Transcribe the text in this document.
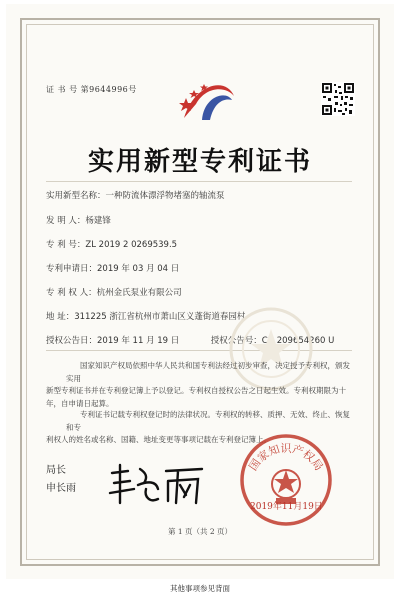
证 书 号 第9644996号
实用新型专利证书
实用新型名称：一种防流体漂浮物堵塞的轴流泵
发 明 人：杨建锋
专 利 号：ZL 2019 2 0269539.5
专利申请日：2019 年 03 月 04 日
专 利 权 人：杭州金氏泵业有限公司
地 址：311225 浙江省杭州市萧山区义蓬街道春园村
授权公告日：2019 年 11 月 19 日	授权公告号：CN 209654260 U
国家知识产权局依照中华人民共和国专利法经过初步审查，决定授予专利权，颁发实用
新型专利证书并在专利登记簿上予以登记。专利权自授权公告之日起生效。专利权期限为十
年，自申请日起算。
专利证书记载专利权登记时的法律状况。专利权的转移、质押、无效、终止、恢复和专
利权人的姓名或名称、国籍、地址变更等事项记载在专利登记簿上。
局长
申长雨
国家知识产权局
2019年11月19日
第 1 页（共 2 页）
其他事项参见背面
